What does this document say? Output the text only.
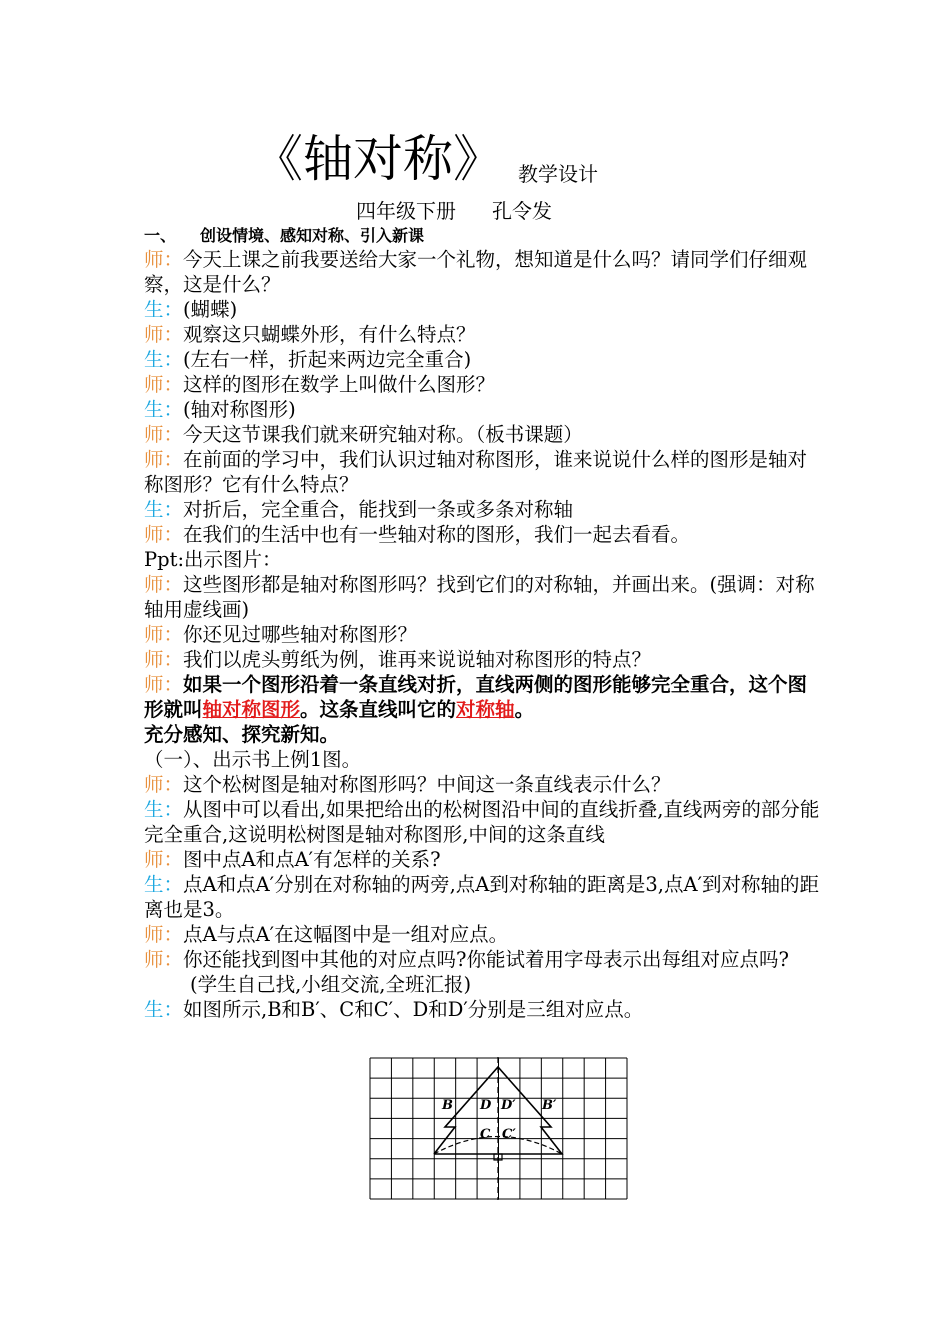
《轴对称》 教学设计
四年级下册 孔令发

一、 创设情境、感知对称、引入新课

师：今天上课之前我要送给大家一个礼物，想知道是什么吗？请同学们仔细观察，这是什么？

生：(蝴蝶)

师：观察这只蝴蝶外形，有什么特点？

生：(左右一样，折起来两边完全重合)

师：这样的图形在数学上叫做什么图形？

生：(轴对称图形)

师：今天这节课我们就来研究轴对称。（板书课题）

师：在前面的学习中，我们认识过轴对称图形，谁来说说什么样的图形是轴对称图形？它有什么特点？

生：对折后，完全重合，能找到一条或多条对称轴

师：在我们的生活中也有一些轴对称的图形，我们一起去看看。

Ppt:出示图片：

师：这些图形都是轴对称图形吗？找到它们的对称轴，并画出来。(强调：对称轴用虚线画)

师：你还见过哪些轴对称图形？

师：我们以虎头剪纸为例，谁再来说说轴对称图形的特点？

师：如果一个图形沿着一条直线对折，直线两侧的图形能够完全重合，这个图形就叫轴对称图形。这条直线叫它的对称轴。

充分感知、探究新知。

（一）、出示书上例1图。

师：这个松树图是轴对称图形吗？中间这一条直线表示什么？

生：从图中可以看出,如果把给出的松树图沿中间的直线折叠,直线两旁的部分能完全重合,这说明松树图是轴对称图形,中间的这条直线

师：图中点A和点A′有怎样的关系?

生：点A和点A′分别在对称轴的两旁,点A到对称轴的距离是3,点A′到对称轴的距离也是3。

师：点A与点A′在这幅图中是一组对应点。

师：你还能找到图中其他的对应点吗?你能试着用字母表示出每组对应点吗?

(学生自己找,小组交流,全班汇报)

生：如图所示,B和B′、C和C′、D和D′分别是三组对应点。

B D D′ B′
C C′
